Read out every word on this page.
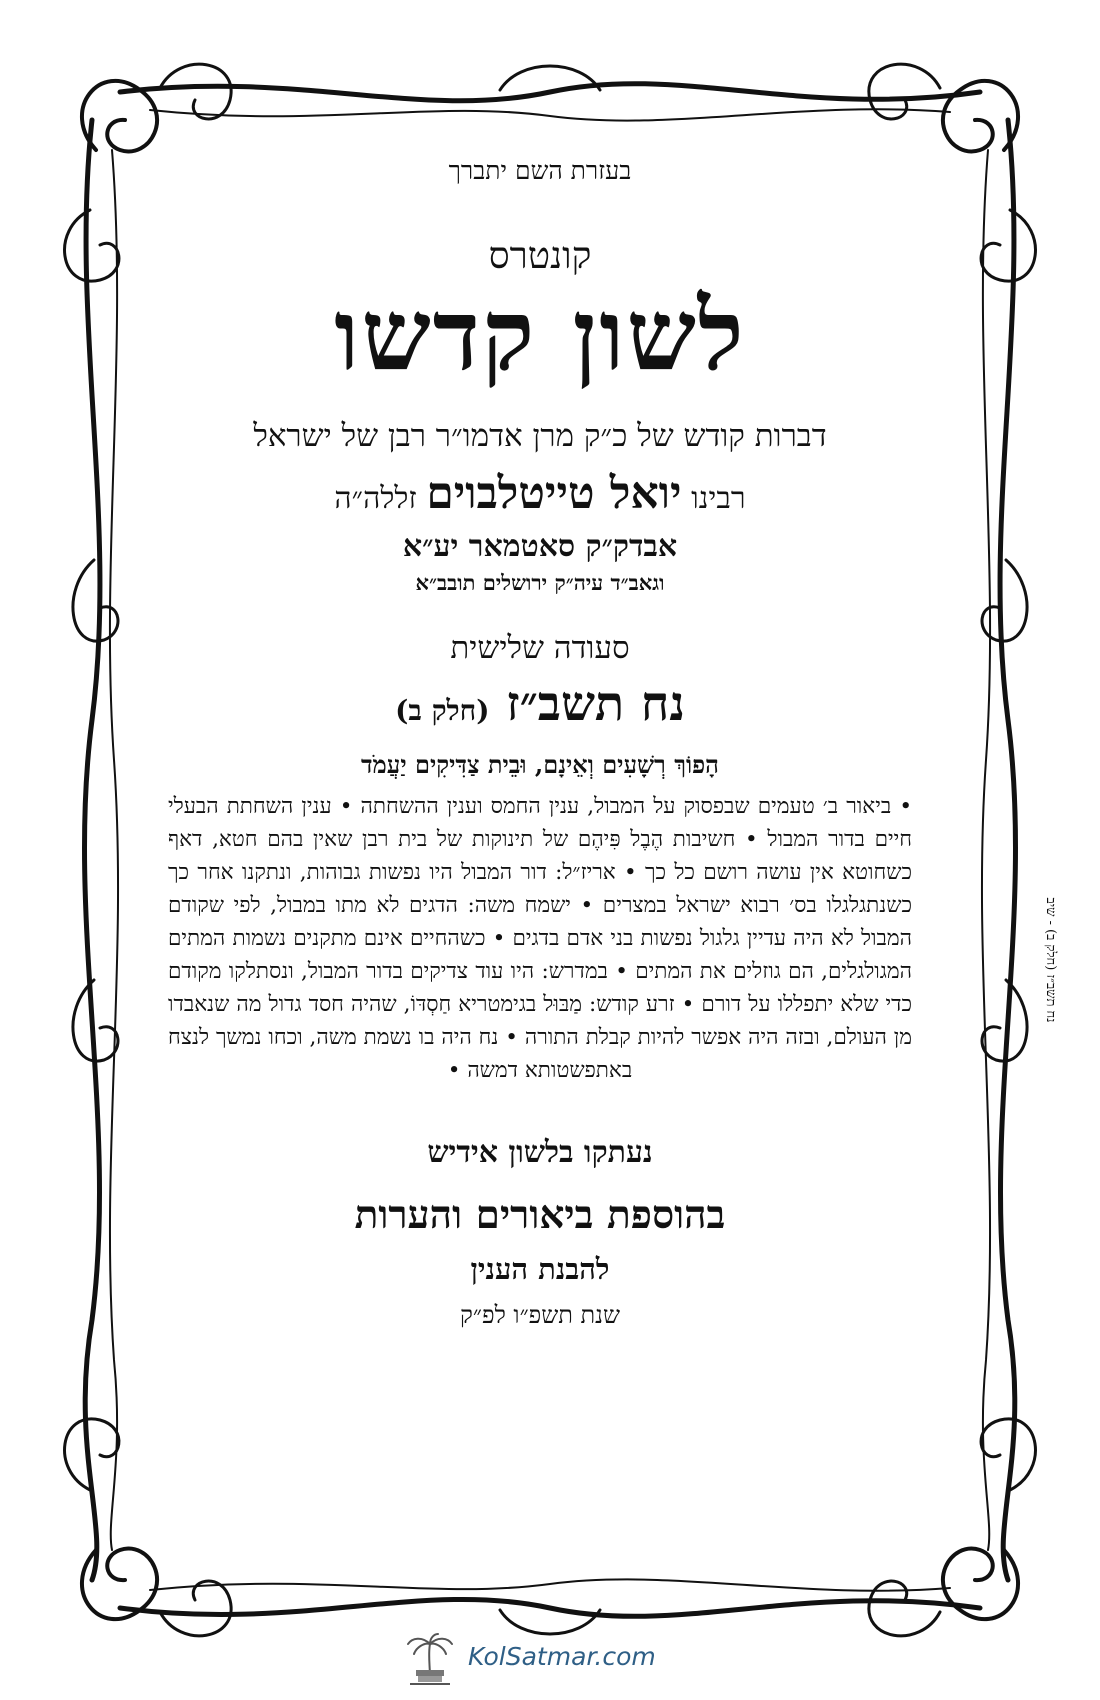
בעזרת השם יתברך
קונטרס
לשון קדשו
דברות קודש של כ״ק מרן אדמו״ר רבן של ישראל
רבינו יואל טייטלבוים זללה״ה
אבדק״ק סאטמאר יע״א
וגאב״ד עיה״ק ירושלים תובב״א
סעודה שלישית
נח תשב״ז (חלק ב)
הָפוֹךְ רְשָׁעִים וְאֵינָם, וּבֵית צַדִּיקִים יַעֲמֹד

• ביאור ב׳ טעמים שבפסוק על המבול, ענין החמס וענין ההשחתה • ענין השחתת הבעלי חיים בדור המבול • חשיבות הֶבֶל פִּיהֶם של תינוקות של בית רבן שאין בהם חטא, דאף כשחוטא אין עושה רושם כל כך • אריז״ל: דור המבול היו נפשות גבוהות, ונתקנו אחר כך כשנתגלגלו בס׳ רבוא ישראל במצרים • ישמח משה: הדגים לא מתו במבול, לפי שקודם המבול לא היה עדיין גלגול נפשות בני אדם בדגים • כשהחיים אינם מתקנים נשמות המתים המגולגלים, הם גוזלים את המתים • במדרש: היו עוד צדיקים בדור המבול, ונסתלקו מקודם כדי שלא יתפללו על דורם • זרע קודש: מַבּוּל בגימטריא חַסְדּוֹ, שהיה חסד גדול מה שנאבדו מן העולם, ובזה היה אפשר להיות קבלת התורה • נח היה בו נשמת משה, וכחו נמשך לנצח באתפשטותא דמשה •

נעתקו בלשון אידיש
בהוספת ביאורים והערות
להבנת הענין
שנת תשפ״ו לפ״ק
נח תשב״ז (חלק ב) - שיב
KolSatmar.com
